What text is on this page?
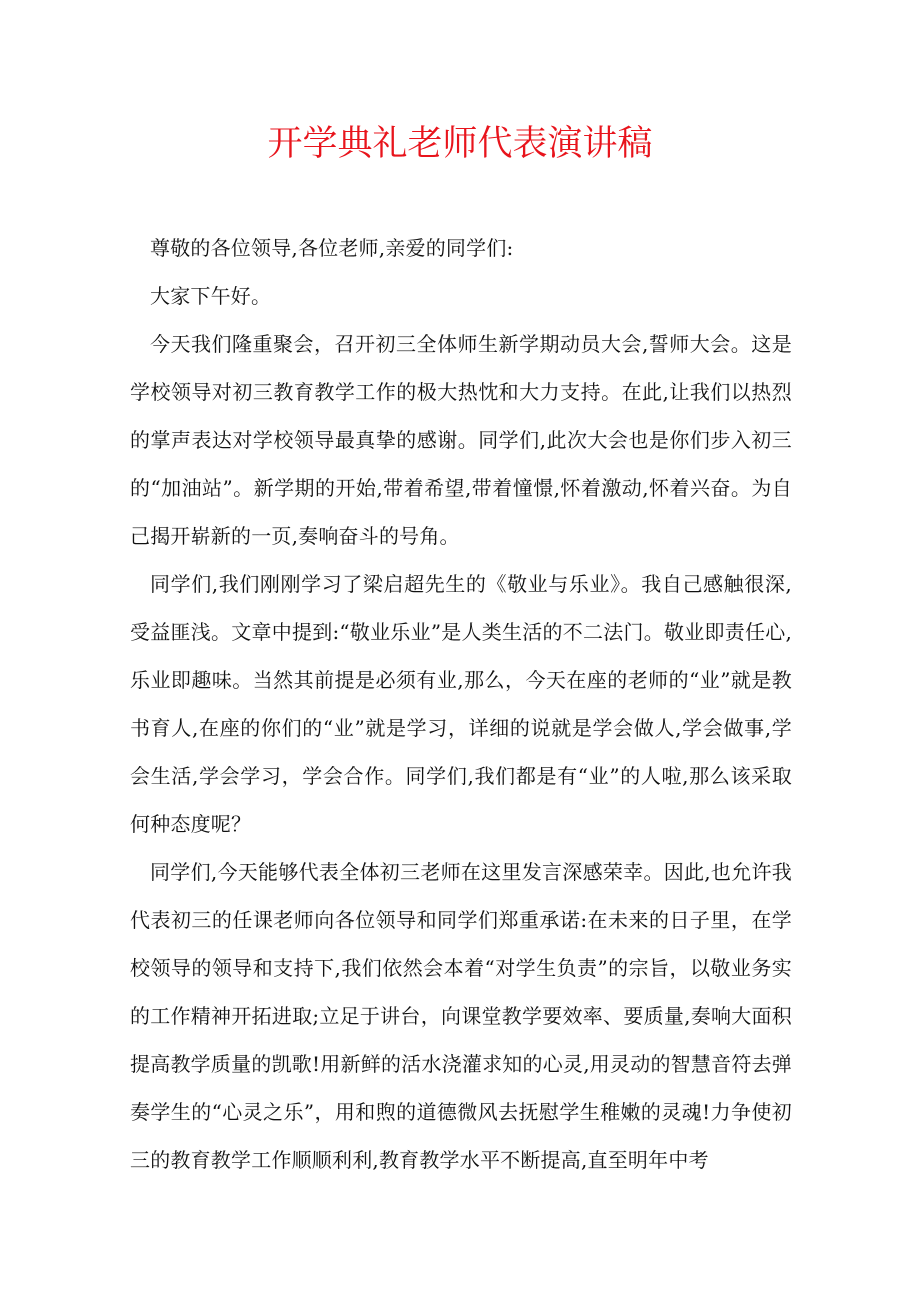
开学典礼老师代表演讲稿

尊敬的各位领导,各位老师,亲爱的同学们:

大家下午好。

今天我们隆重聚会，召开初三全体师生新学期动员大会,誓师大会。这是学校领导对初三教育教学工作的极大热忱和大力支持。在此,让我们以热烈的掌声表达对学校领导最真挚的感谢。同学们,此次大会也是你们步入初三的“加油站”。新学期的开始,带着希望,带着憧憬,怀着激动,怀着兴奋。为自己揭开崭新的一页,奏响奋斗的号角。

同学们,我们刚刚学习了梁启超先生的《敬业与乐业》。我自己感触很深,受益匪浅。文章中提到:“敬业乐业”是人类生活的不二法门。敬业即责任心,乐业即趣味。当然其前提是必须有业,那么，今天在座的老师的“业”就是教书育人,在座的你们的“业”就是学习，详细的说就是学会做人,学会做事,学会生活,学会学习，学会合作。同学们,我们都是有“业”的人啦,那么该采取何种态度呢？

同学们,今天能够代表全体初三老师在这里发言深感荣幸。因此,也允许我代表初三的任课老师向各位领导和同学们郑重承诺:在未来的日子里，在学校领导的领导和支持下,我们依然会本着“对学生负责”的宗旨，以敬业务实的工作精神开拓进取;立足于讲台，向课堂教学要效率、要质量,奏响大面积提高教学质量的凯歌!用新鲜的活水浇灌求知的心灵,用灵动的智慧音符去弹奏学生的“心灵之乐”，用和煦的道德微风去抚慰学生稚嫩的灵魂!力争使初三的教育教学工作顺顺利利,教育教学水平不断提高,直至明年中考
